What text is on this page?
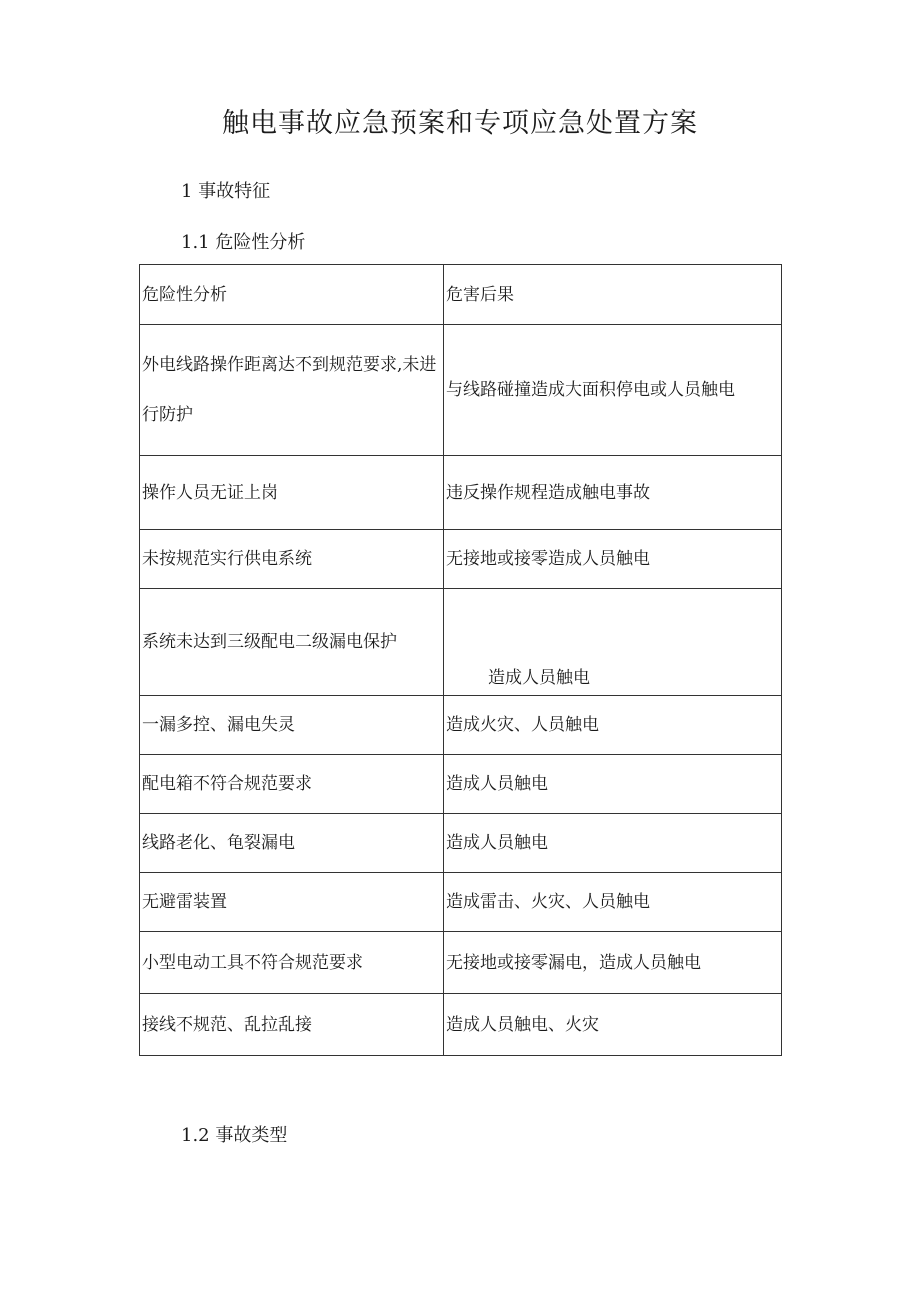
触电事故应急预案和专项应急处置方案
1 事故特征
1.1 危险性分析
危险性分析	危害后果
外电线路操作距离达不到规范要求,未进行防护	与线路碰撞造成大面积停电或人员触电
操作人员无证上岗	违反操作规程造成触电事故
未按规范实行供电系统	无接地或接零造成人员触电
系统未达到三级配电二级漏电保护	造成人员触电
一漏多控、漏电失灵	造成火灾、人员触电
配电箱不符合规范要求	造成人员触电
线路老化、龟裂漏电	造成人员触电
无避雷装置	造成雷击、火灾、人员触电
小型电动工具不符合规范要求	无接地或接零漏电，造成人员触电
接线不规范、乱拉乱接	造成人员触电、火灾
1.2 事故类型
